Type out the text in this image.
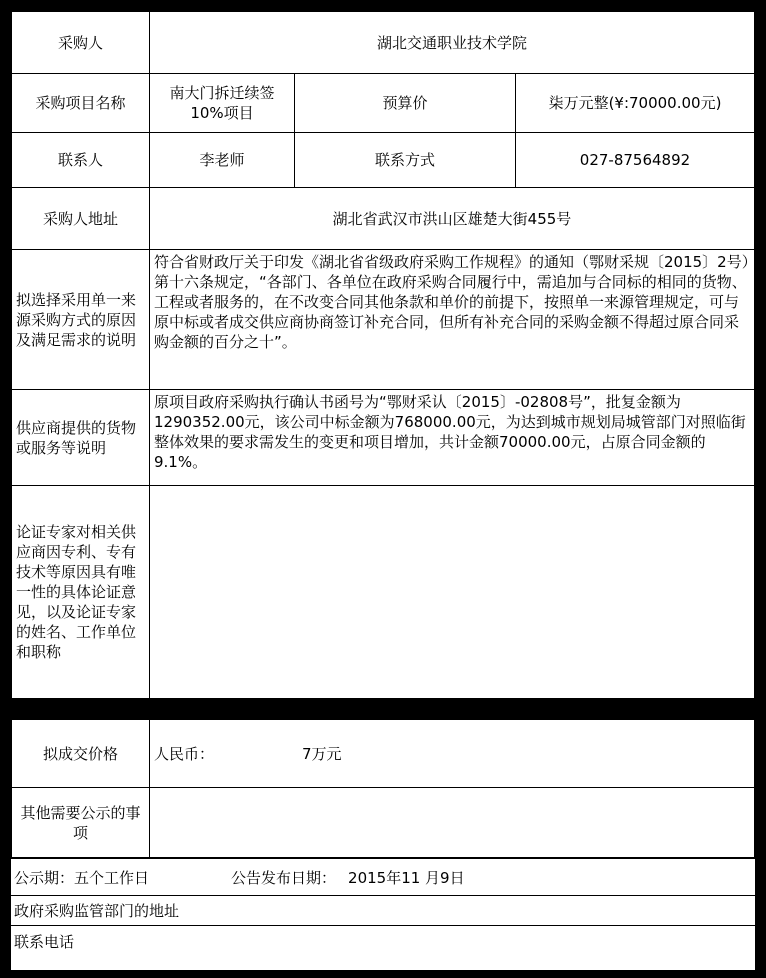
采购人	湖北交通职业技术学院		
采购项目名称	南大门拆迁续签10%项目	预算价	柒万元整(¥:70000.00元)
联系人	李老师	联系方式	027-87564892
采购人地址	湖北省武汉市洪山区雄楚大街455号		
拟选择采用单一来源采购方式的原因及满足需求的说明	符合省财政厅关于印发《湖北省省级政府采购工作规程》的通知（鄂财采规〔2015〕2号）第十六条规定，“各部门、各单位在政府采购合同履行中，需追加与合同标的相同的货物、工程或者服务的，在不改变合同其他条款和单价的前提下，按照单一来源管理规定，可与原中标或者成交供应商协商签订补充合同，但所有补充合同的采购金额不得超过原合同采购金额的百分之十”。		
供应商提供的货物或服务等说明	原项目政府采购执行确认书函号为“鄂财采认〔2015〕-02808号”，批复金额为1290352.00元，该公司中标金额为768000.00元，为达到城市规划局城管部门对照临街整体效果的要求需发生的变更和项目增加，共计金额70000.00元，占原合同金额的9.1%。		
论证专家对相关供应商因专利、专有技术等原因具有唯一性的具体论证意见，以及论证专家的姓名、工作单位和职称			
拟成交价格	人民币： 7万元
其他需要公示的事项	
公示期：五个工作日	公告发布日期： 2015年11 月9日
政府采购监管部门的地址
联系电话
